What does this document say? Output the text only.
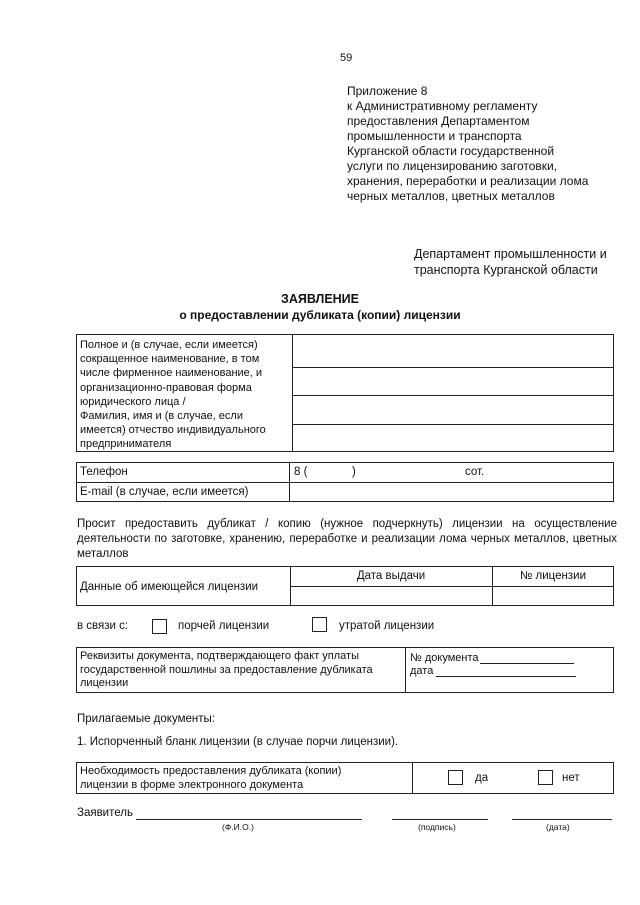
59
Приложение 8
к Административному регламенту
предоставления Департаментом
промышленности и транспорта
Курганской области государственной
услуги по лицензированию заготовки,
хранения, переработки и реализации лома
черных металлов, цветных металлов
Департамент промышленности и
транспорта Курганской области
ЗАЯВЛЕНИЕ
о предоставлении дубликата (копии) лицензии
Полное и (в случае, если имеется)
сокращенное наименование, в том
числе фирменное наименование, и
организационно-правовая форма
юридического лица /
Фамилия, имя и (в случае, если
имеется) отчество индивидуального
предпринимателя
Телефон	8 (	)	сот.
E-mail (в случае, если имеется)
Просит предоставить дубликат / копию (нужное подчеркнуть) лицензии на осуществление деятельности по заготовке, хранению, переработке и реализации лома черных металлов, цветных металлов
Данные об имеющейся лицензии
Дата выдачи	№ лицензии
в связи с:	порчей лицензии	утратой лицензии
Реквизиты документа, подтверждающего факт уплаты
государственной пошлины за предоставление дубликата
лицензии
№ документа
дата
Прилагаемые документы:
1. Испорченный бланк лицензии (в случае порчи лицензии).
Необходимость предоставления дубликата (копии)
лицензии в форме электронного документа
да	нет
Заявитель
(Ф.И.О.)	(подпись)	(дата)
